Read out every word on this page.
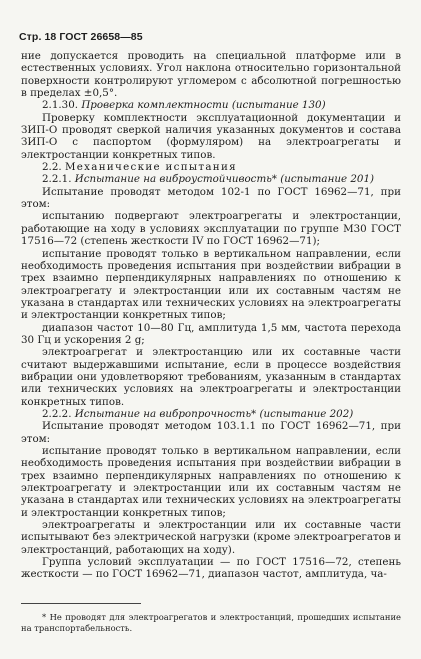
Стр. 18 ГОСТ 26658—85

ние допускается проводить на специальной платформе или в естественных условиях. Угол наклона относительно горизонтальной поверхности контролируют угломером с абсолютной погрешностью в пределах ±0,5°.

2.1.30. Проверка комплектности (испытание 130)

Проверку комплектности эксплуатационной документации и ЗИП-О проводят сверкой наличия указанных документов и состава ЗИП-О с паспортом (формуляром) на электроагрегаты и электростанции конкретных типов.

2.2. Механические испытания

2.2.1. Испытание на виброустойчивость* (испытание 201)

Испытание проводят методом 102-1 по ГОСТ 16962—71, при этом:

испытанию подвергают электроагрегаты и электростанции, работающие на ходу в условиях эксплуатации по группе М30 ГОСТ 17516—72 (степень жесткости IV по ГОСТ 16962—71);

испытание проводят только в вертикальном направлении, если необходимость проведения испытания при воздействии вибрации в трех взаимно перпендикулярных направлениях по отношению к электроагрегату и электростанции или их составным частям не указана в стандартах или технических условиях на электроагрегаты и электростанции конкретных типов;

диапазон частот 10—80 Гц, амплитуда 1,5 мм, частота перехода 30 Гц и ускорения 2 g;

электроагрегат и электростанцию или их составные части считают выдержавшими испытание, если в процессе воздействия вибрации они удовлетворяют требованиям, указанным в стандартах или технических условиях на электроагрегаты и электростанции конкретных типов.

2.2.2. Испытание на вибропрочность* (испытание 202)

Испытание проводят методом 103.1.1 по ГОСТ 16962—71, при этом:

испытание проводят только в вертикальном направлении, если необходимость проведения испытания при воздействии вибрации в трех взаимно перпендикулярных направлениях по отношению к электроагрегату и электростанции или их составным частям не указана в стандартах или технических условиях на электроагрегаты и электростанции конкретных типов;

электроагрегаты и электростанции или их составные части испытывают без электрической нагрузки (кроме электроагрегатов и электростанций, работающих на ходу).

Группа условий эксплуатации — по ГОСТ 17516—72, степень жесткости — по ГОСТ 16962—71, диапазон частот, амплитуда, ча-

* Не проводят для электроагрегатов и электростанций, прошедших испытание на транспортабельность.
